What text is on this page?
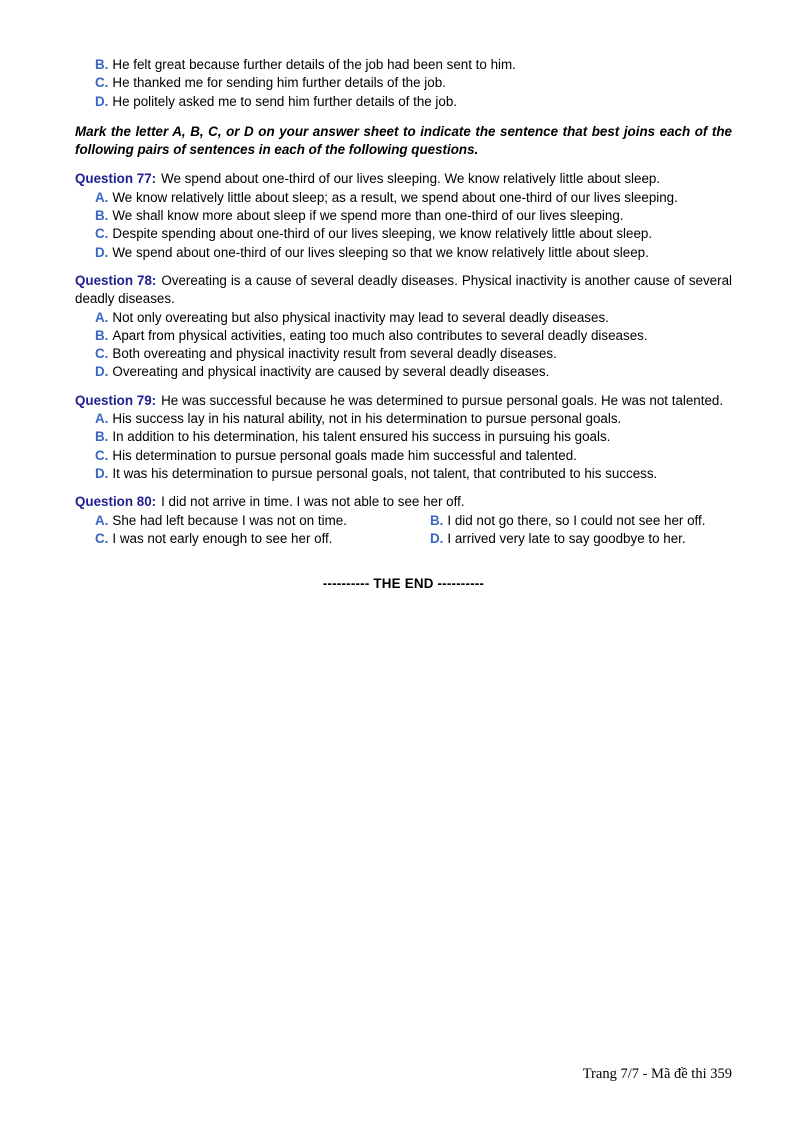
B. He felt great because further details of the job had been sent to him.
C. He thanked me for sending him further details of the job.
D. He politely asked me to send him further details of the job.

Mark the letter A, B, C, or D on your answer sheet to indicate the sentence that best joins each of the following pairs of sentences in each of the following questions.

Question 77: We spend about one-third of our lives sleeping. We know relatively little about sleep.

A. We know relatively little about sleep; as a result, we spend about one-third of our lives sleeping.
B. We shall know more about sleep if we spend more than one-third of our lives sleeping.
C. Despite spending about one-third of our lives sleeping, we know relatively little about sleep.
D. We spend about one-third of our lives sleeping so that we know relatively little about sleep.

Question 78: Overeating is a cause of several deadly diseases. Physical inactivity is another cause of several deadly diseases.

A. Not only overeating but also physical inactivity may lead to several deadly diseases.
B. Apart from physical activities, eating too much also contributes to several deadly diseases.
C. Both overeating and physical inactivity result from several deadly diseases.
D. Overeating and physical inactivity are caused by several deadly diseases.

Question 79: He was successful because he was determined to pursue personal goals. He was not talented.

A. His success lay in his natural ability, not in his determination to pursue personal goals.
B. In addition to his determination, his talent ensured his success in pursuing his goals.
C. His determination to pursue personal goals made him successful and talented.
D. It was his determination to pursue personal goals, not talent, that contributed to his success.

Question 80: I did not arrive in time. I was not able to see her off.

A. She had left because I was not on time.	B. I did not go there, so I could not see her off.
C. I was not early enough to see her off.	D. I arrived very late to say goodbye to her.
---------- THE END ----------
Trang 7/7 - Mã đề thi 359
